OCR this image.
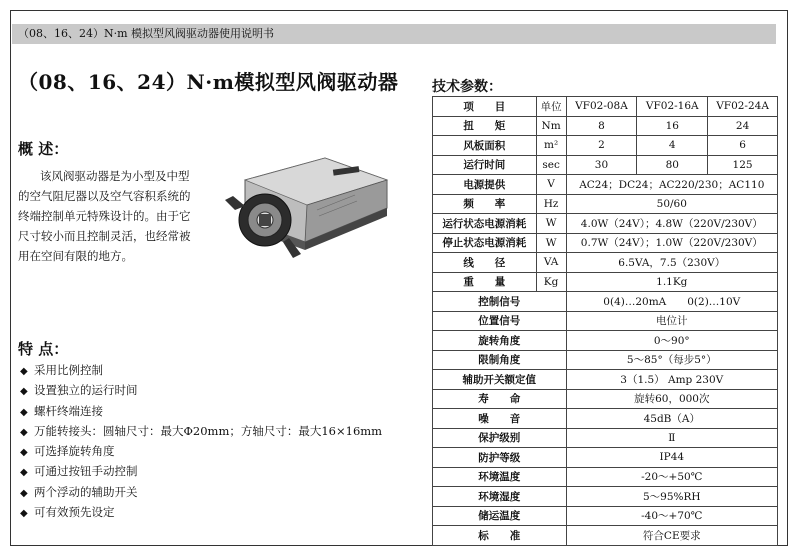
（08、16、24）N·m 模拟型风阀驱动器使用说明书
（08、16、24）N·m模拟型风阀驱动器
概 述：
该风阀驱动器是为小型及中型的空气阻尼器以及空气容积系统的终端控制单元特殊设计的。由于它尺寸较小而且控制灵活，也经常被用在空间有限的地方。
特 点：
◆ 采用比例控制
◆ 设置独立的运行时间
◆ 螺杆终端连接
◆ 万能转接头：圆轴尺寸：最大Φ20mm；方轴尺寸：最大16×16mm
◆ 可选择旋转角度
◆ 可通过按钮手动控制
◆ 两个浮动的辅助开关
◆ 可有效预先设定
技术参数：
项　　目	单位	VF02-08A	VF02-16A	VF02-24A
扭　　矩	Nm	8	16	24
风板面积	m²	2	4	6
运行时间	sec	30	80	125
电源提供	V	AC24；DC24；AC220/230；AC110		
频　　率	Hz	50/60		
运行状态电源消耗	W	4.0W（24V）；4.8W（220V/230V）		
停止状态电源消耗	W	0.7W（24V）；1.0W（220V/230V）		
线　　径	VA	6.5VA，7.5（230V）		
重　　量	Kg	1.1Kg		
控制信号		0(4)…20mA　　0(2)…10V		
位置信号		电位计		
旋转角度		0～90°		
限制角度		5～85°（每步5°）		
辅助开关额定值		3（1.5） Amp 230V		
寿　　命		旋转60，000次		
噪　　音		45dB（A）		
保护级别		Ⅱ		
防护等级		IP44		
环境温度		-20～+50℃		
环境湿度		5～95%RH		
储运温度		-40～+70℃		
标　　准		符合CE要求		
